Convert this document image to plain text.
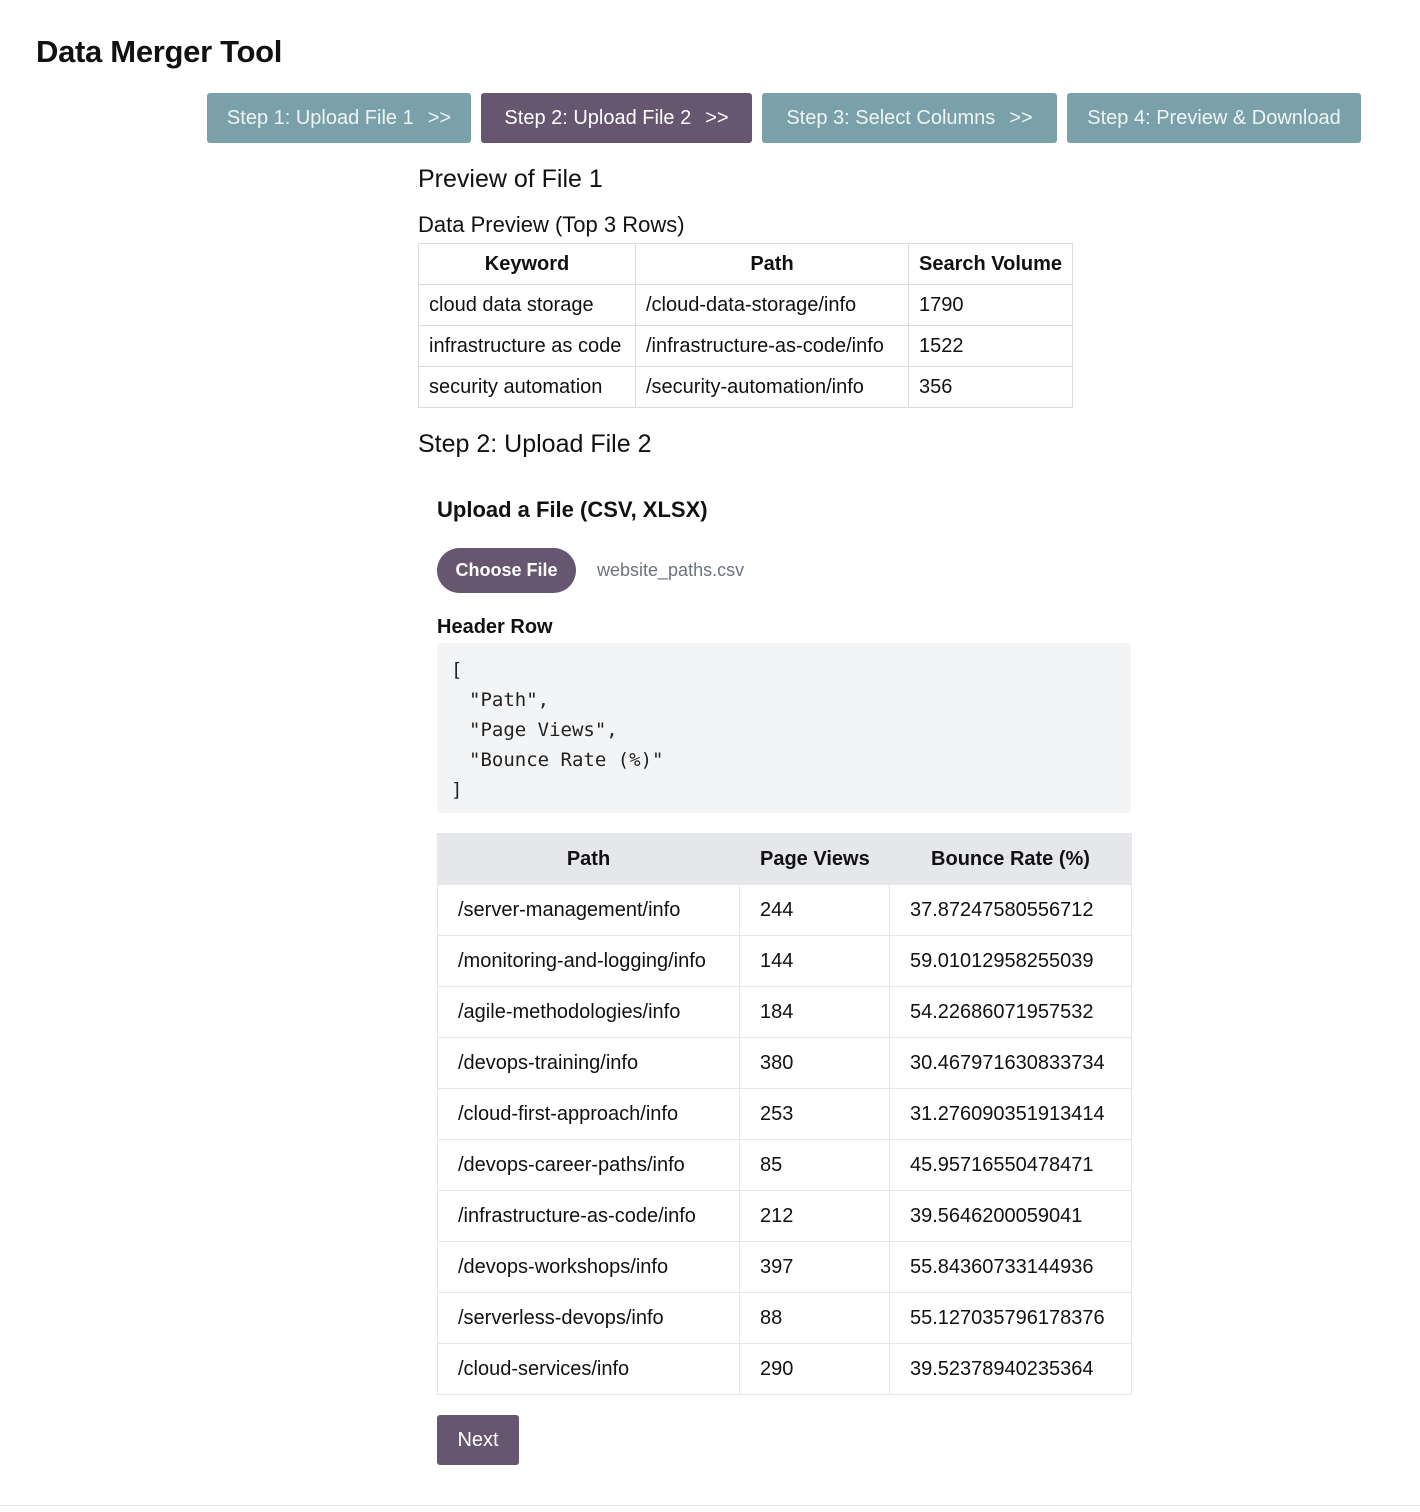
Data Merger Tool
Step 1: Upload File 1 >>	Step 2: Upload File 2 >>	Step 3: Select Columns >>	Step 4: Preview & Download
Preview of File 1
Data Preview (Top 3 Rows)
Keyword	Path	Search Volume
cloud data storage	/cloud-data-storage/info	1790
infrastructure as code	/infrastructure-as-code/info	1522
security automation	/security-automation/info	356
Step 2: Upload File 2
Upload a File (CSV, XLSX)
Choose File	website_paths.csv
Header Row
[
"Path",
"Page Views",
"Bounce Rate (%)"
]
Path	Page Views	Bounce Rate (%)
/server-management/info	244	37.87247580556712
/monitoring-and-logging/info	144	59.01012958255039
/agile-methodologies/info	184	54.22686071957532
/devops-training/info	380	30.467971630833734
/cloud-first-approach/info	253	31.276090351913414
/devops-career-paths/info	85	45.95716550478471
/infrastructure-as-code/info	212	39.5646200059041
/devops-workshops/info	397	55.84360733144936
/serverless-devops/info	88	55.127035796178376
/cloud-services/info	290	39.52378940235364
Next
